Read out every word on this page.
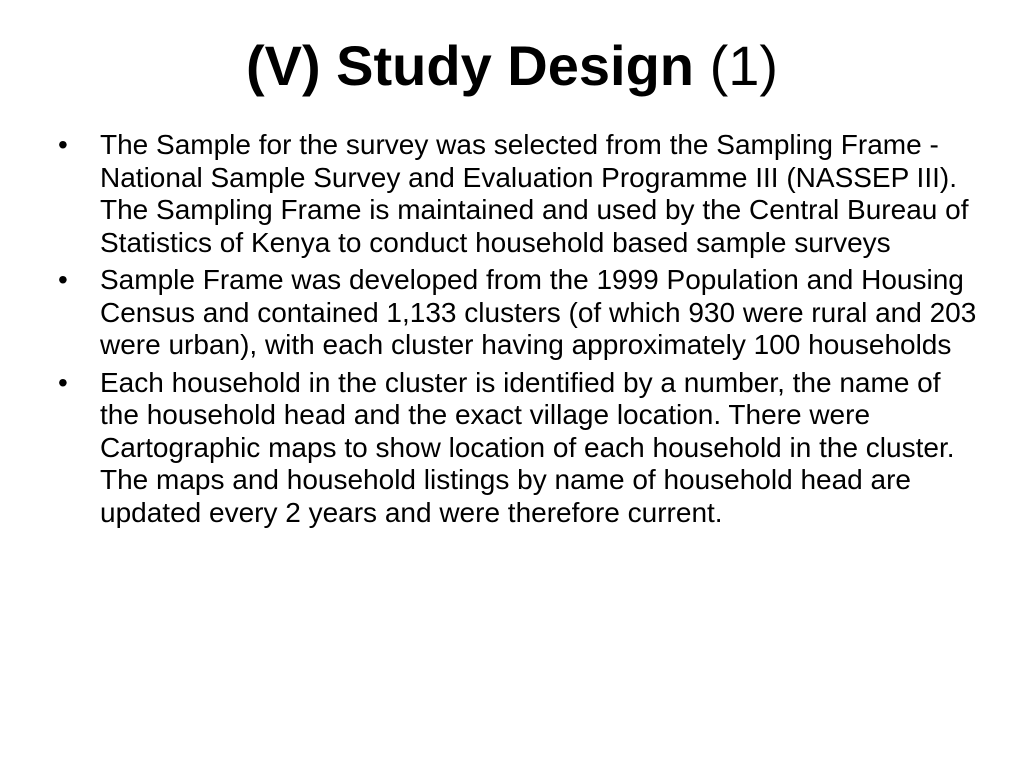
(V) Study Design (1)
•	The Sample for the survey was selected from the Sampling Frame - National Sample Survey and Evaluation Programme III (NASSEP III). The Sampling Frame is maintained and used by the Central Bureau of Statistics of Kenya to conduct household based sample surveys
•	Sample Frame was developed from the 1999 Population and Housing Census and contained 1,133 clusters (of which 930 were rural and 203 were urban), with each cluster having approximately 100 households
•	Each household in the cluster is identified by a number, the name of the household head and the exact village location. There were Cartographic maps to show location of each household in the cluster. The maps and household listings by name of household head are updated every 2 years and were therefore current.
